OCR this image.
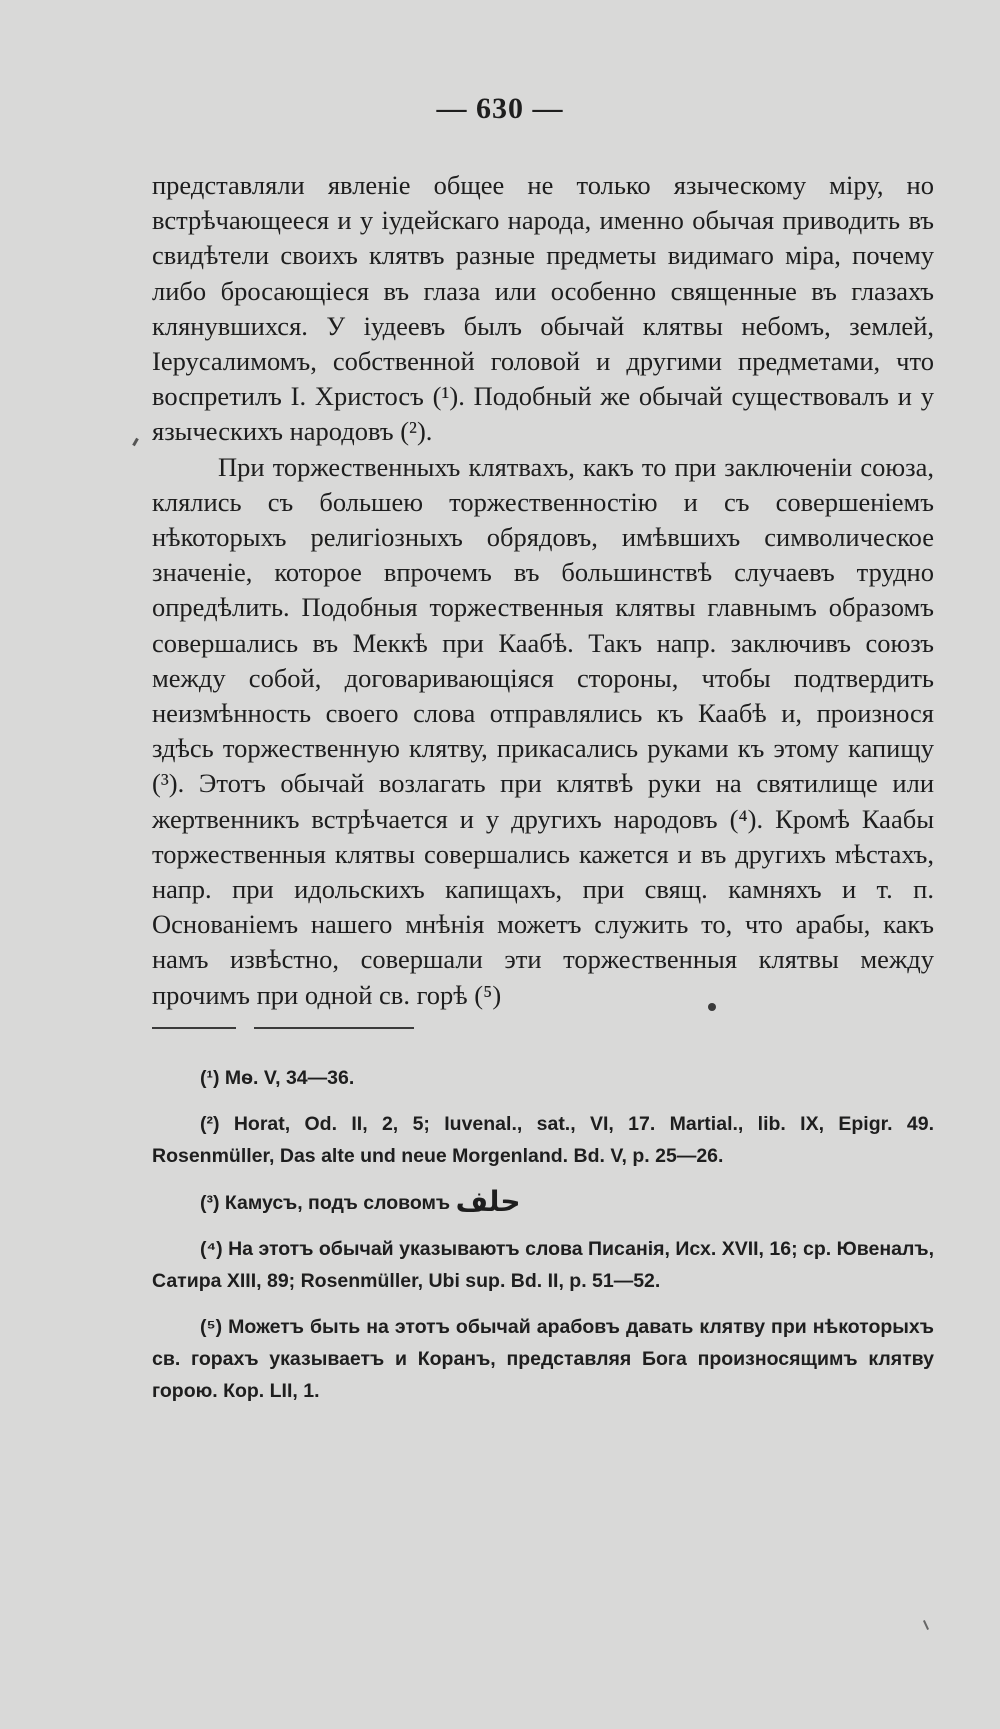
— 630 —

представляли явленіе общее не только языческому міру, но встрѣчающееся и у іудейскаго народа, именно обычая приводить въ свидѣтели своихъ клятвъ разные предметы видимаго міра, почему либо бросающіеся въ глаза или особенно священные въ глазахъ клянувшихся. У іудеевъ былъ обычай клятвы небомъ, землей, Іерусалимомъ, собственной головой и другими предметами, что воспретилъ І. Христосъ (¹). Подобный же обычай существовалъ и у языческихъ народовъ (²).

При торжественныхъ клятвахъ, какъ то при заключеніи союза, клялись съ большею торжественностію и съ совершеніемъ нѣкоторыхъ религіозныхъ обрядовъ, имѣвшихъ символическое значеніе, которое впрочемъ въ большинствѣ случаевъ трудно опредѣлить. Подобныя торжественныя клятвы главнымъ образомъ совершались въ Меккѣ при Каабѣ. Такъ напр. заключивъ союзъ между собой, договаривающіяся стороны, чтобы подтвердить неизмѣнность своего слова отправлялись къ Каабѣ и, произнося здѣсь торжественную клятву, прикасались руками къ этому капищу (³). Этотъ обычай возлагать при клятвѣ руки на святилище или жертвенникъ встрѣчается и у другихъ народовъ (⁴). Кромѣ Каабы торжественныя клятвы совершались кажется и въ другихъ мѣстахъ, напр. при идольскихъ капищахъ, при свящ. камняхъ и т. п. Основаніемъ нашего мнѣнія можетъ служить то, что арабы, какъ намъ извѣстно, совершали эти торжественныя клятвы между прочимъ при одной св. горѣ (⁵)

(¹) Мѳ. V, 34—36.

(²) Horat, Od. II, 2, 5; Iuvenal., sat., VI, 17. Martial., lib. IX, Epigr. 49. Rosenmüller, Das alte und neue Morgenland. Bd. V, p. 25—26.

(³) Камусъ, подъ словомъ حلف

(⁴) На этотъ обычай указываютъ слова Писанія, Исх. XVII, 16; ср. Ювеналъ, Сатира XIII, 89; Rosenmüller, Ubi sup. Bd. II, p. 51—52.

(⁵) Можетъ быть на этотъ обычай арабовъ давать клятву при нѣкоторыхъ св. горахъ указываетъ и Коранъ, представляя Бога произносящимъ клятву горою. Кор. LII, 1.
